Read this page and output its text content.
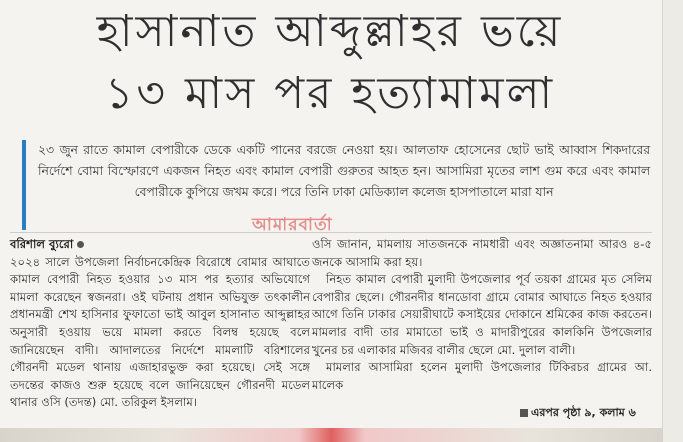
হাসানাত আব্দুল্লাহর ভয়ে
১৩ মাস পর হত্যামামলা

২৩ জুন রাতে কামাল বেপারীকে ডেকে একটি পানের বরজে নেওয়া হয়। আলতাফ হোসেনের ছোট ভাই আব্বাস শিকদারের নির্দেশে বোমা বিস্ফোরণে একজন নিহত এবং কামাল বেপারী গুরুতর আহত হন। আসামিরা মৃতের লাশ গুম করে এবং কামাল বেপারীকে কুপিয়ে জখম করে। পরে তিনি ঢাকা মেডিক্যাল কলেজ হাসপাতালে মারা যান

বরিশাল ব্যুরো

২০২৪ সালে উপজেলা নির্বাচনকেন্দ্রিক বিরোধে বোমার আঘাতে কামাল বেপারী নিহত হওয়ার ১৩ মাস পর হত্যার অভিযোগে মামলা করেছেন স্বজনরা। ওই ঘটনায় প্রধান অভিযুক্ত তৎকালীন প্রধানমন্ত্রী শেখ হাসিনার ফুফাতো ভাই আবুল হাসানাত আব্দুল্লাহর অনুসারী হওয়ায় ভয়ে মামলা করতে বিলম্ব হয়েছে বলে জানিয়েছেন বাদী। আদালতের নির্দেশে মামলাটি বরিশালের গৌরনদী মডেল থানায় এজাহারভুক্ত করা হয়েছে। সেই সঙ্গে তদন্তের কাজও শুরু হয়েছে বলে জানিয়েছেন গৌরনদী মডেল থানার ওসি (তদন্ত) মো. তরিকুল ইসলাম।

ওসি জানান, মামলায় সাতজনকে নামধারী এবং অজ্ঞাতনামা আরও ৪-৫ জনকে আসামি করা হয়।

নিহত কামাল বেপারী মুলাদী উপজেলার পূর্ব তয়কা গ্রামের মৃত সেলিম বেপারীর ছেলে। গৌরনদীর ধানডোবা গ্রামে বোমার আঘাতে নিহত হওয়ার আগে তিনি ঢাকার সেয়ারীঘাটে কসাইয়ের দোকানে শ্রমিকের কাজ করতেন। মামলার বাদী তার মামাতো ভাই ও মাদারীপুরের কালকিনি উপজেলার খুনের চর এলাকার মজিবর বালীর ছেলে মো. দুলাল বালী।

মামলার আসামিরা হলেন মুলাদী উপজেলার টিকিরচর গ্রামের আ. মালেক

এরপর পৃষ্ঠা ৯, কলাম ৬
আমারবার্তা
